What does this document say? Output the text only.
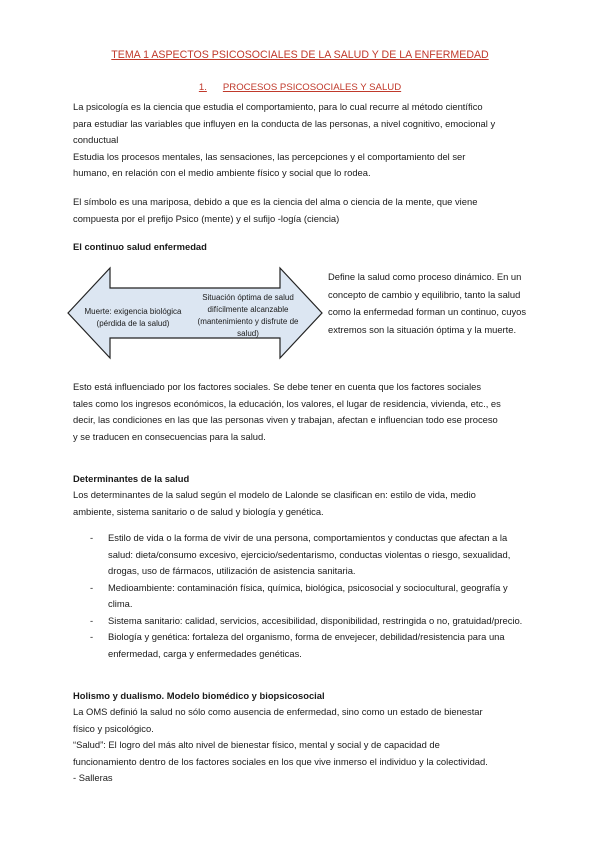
TEMA 1 ASPECTOS PSICOSOCIALES DE LA SALUD Y DE LA ENFERMEDAD
1. PROCESOS PSICOSOCIALES Y SALUD

La psicología es la ciencia que estudia el comportamiento, para lo cual recurre al método científico

para estudiar las variables que influyen en la conducta de las personas, a nivel cognitivo, emocional y

conductual

Estudia los procesos mentales, las sensaciones, las percepciones y el comportamiento del ser

humano, en relación con el medio ambiente físico y social que lo rodea.

El símbolo es una mariposa, debido a que es la ciencia del alma o ciencia de la mente, que viene

compuesta por el prefijo Psico (mente) y el sufijo -logía (ciencia)

El continuo salud enfermedad
Muerte: exigencia biológica (pérdida de la salud)
Situación óptima de salud difícilmente alcanzable (mantenimiento y disfrute de salud)
Define la salud como proceso dinámico. En un concepto de cambio y equilibrio, tanto la salud como la enfermedad forman un continuo, cuyos extremos son la situación óptima y la muerte.

Esto está influenciado por los factores sociales. Se debe tener en cuenta que los factores sociales

tales como los ingresos económicos, la educación, los valores, el lugar de residencia, vivienda, etc., es

decir, las condiciones en las que las personas viven y trabajan, afectan e influencian todo ese proceso

y se traducen en consecuencias para la salud.

Determinantes de la salud

Los determinantes de la salud según el modelo de Lalonde se clasifican en: estilo de vida, medio

ambiente, sistema sanitario o de salud y biología y genética.

- Estilo de vida o la forma de vivir de una persona, comportamientos y conductas que afectan a la salud: dieta/consumo excesivo, ejercicio/sedentarismo, conductas violentas o riesgo, sexualidad, drogas, uso de fármacos, utilización de asistencia sanitaria.
- Medioambiente: contaminación física, química, biológica, psicosocial y sociocultural, geografía y clima.
- Sistema sanitario: calidad, servicios, accesibilidad, disponibilidad, restringida o no, gratuidad/precio.
- Biología y genética: fortaleza del organismo, forma de envejecer, debilidad/resistencia para una enfermedad, carga y enfermedades genéticas.
Holismo y dualismo. Modelo biomédico y biopsicosocial

La OMS definió la salud no sólo como ausencia de enfermedad, sino como un estado de bienestar

físico y psicológico.

“Salud”: El logro del más alto nivel de bienestar físico, mental y social y de capacidad de

funcionamiento dentro de los factores sociales en los que vive inmerso el individuo y la colectividad.

- Salleras
